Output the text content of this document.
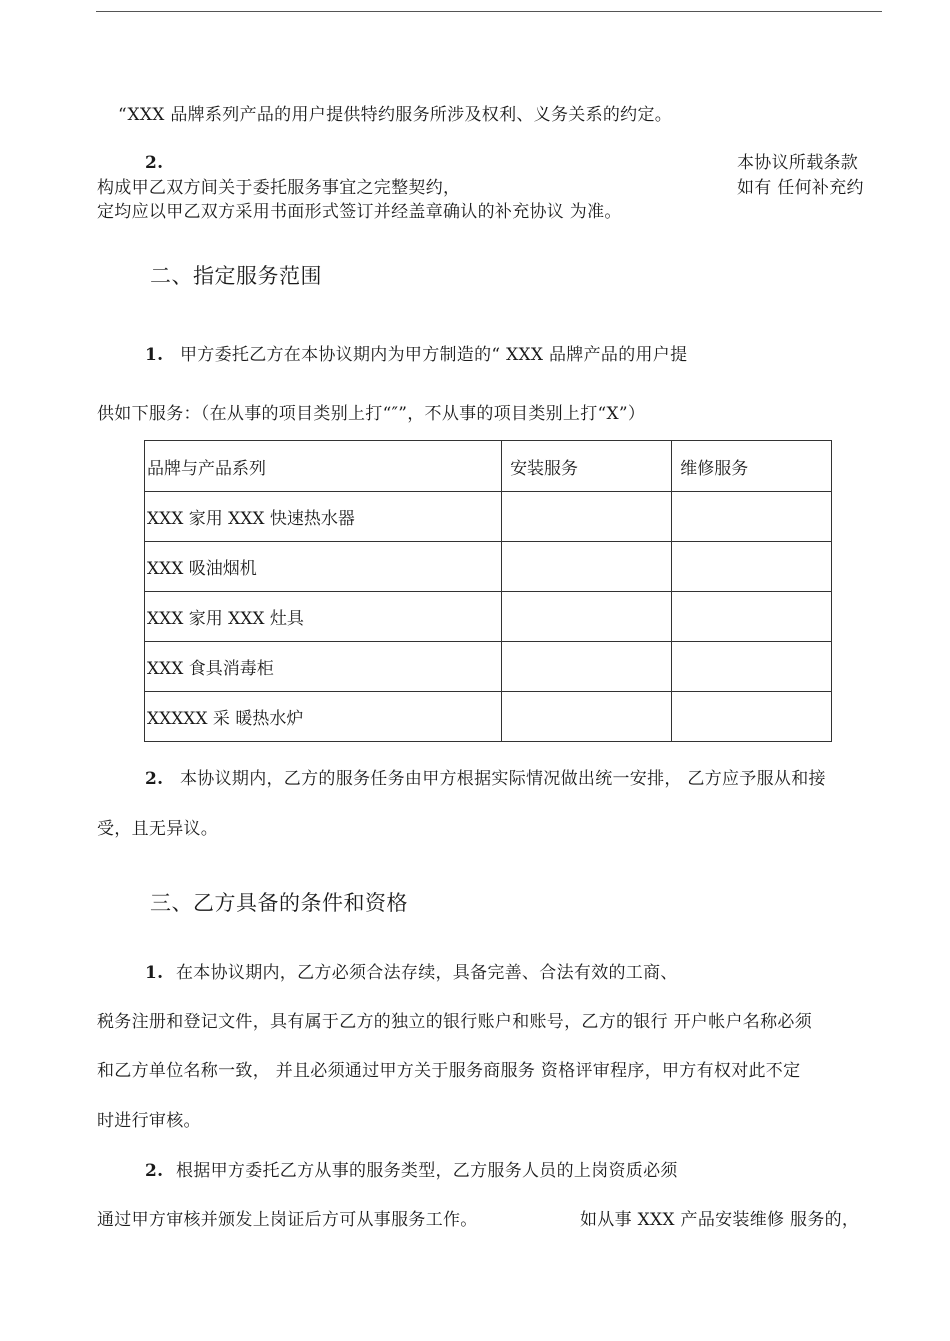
“XXX 品牌系列产品的用户提供特约服务所涉及权利、义务关系的约定。
2.	本协议所载条款
构成甲乙双方间关于委托服务事宜之完整契约，	如有 任何补充约
定均应以甲乙双方采用书面形式签订并经盖章确认的补充协议 为准。
二、指定服务范围
1. 甲方委托乙方在本协议期内为甲方制造的“ XXX 品牌产品的用户提
供如下服务：（在从事的项目类别上打“″”，不从事的项目类别上打“X”）
品牌与产品系列	安装服务	维修服务
XXX 家用 XXX 快速热水器		
XXX 吸油烟机		
XXX 家用 XXX 灶具		
XXX 食具消毒柜		
XXXXX 采 暖热水炉		
2. 本协议期内，乙方的服务任务由甲方根据实际情况做出统一安排， 乙方应予服从和接
受，且无异议。
三、乙方具备的条件和资格
1. 在本协议期内，乙方必须合法存续，具备完善、合法有效的工商、
税务注册和登记文件，具有属于乙方的独立的银行账户和账号，乙方的银行 开户帐户名称必须
和乙方单位名称一致， 并且必须通过甲方关于服务商服务 资格评审程序，甲方有权对此不定
时进行审核。
2. 根据甲方委托乙方从事的服务类型，乙方服务人员的上岗资质必须
通过甲方审核并颁发上岗证后方可从事服务工作。	如从事 XXX 产品安装维修 服务的，
